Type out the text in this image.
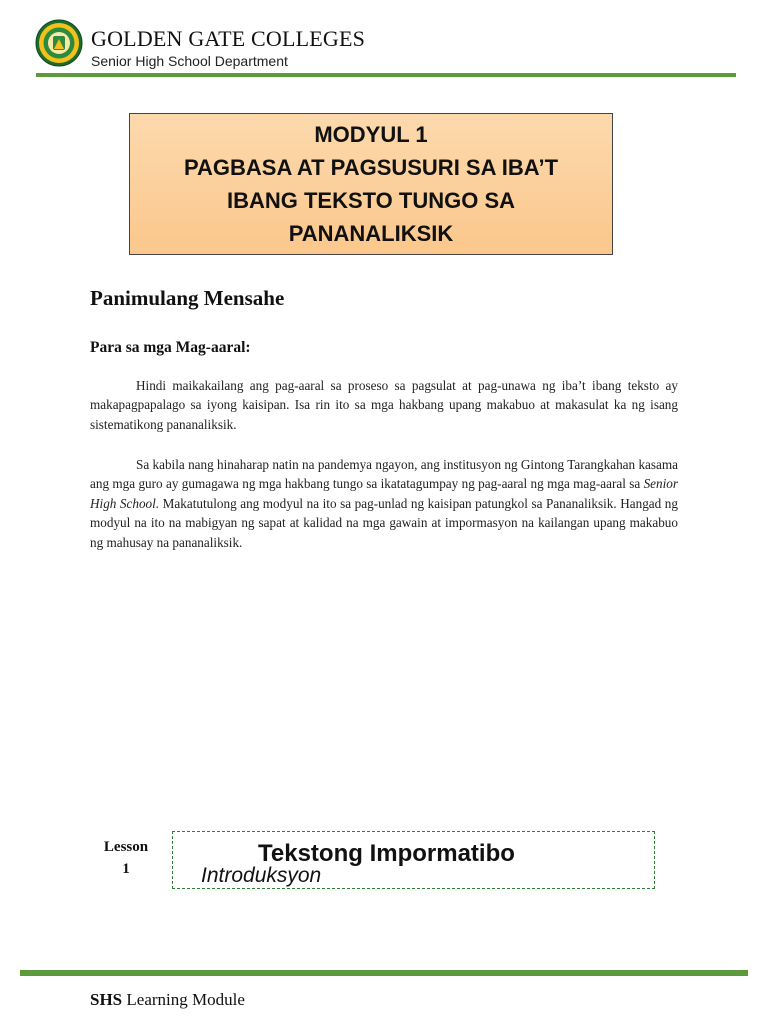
GOLDEN GATE COLLEGES
Senior High School Department
MODYUL 1
PAGBASA AT PAGSUSURI SA IBA’T
IBANG TEKSTO TUNGO SA
PANANALIKSIK
Panimulang Mensahe
Para sa mga Mag-aaral:

Hindi maikakailang ang pag-aaral sa proseso sa pagsulat at pag-unawa ng iba’t ibang teksto ay makapagpapalago sa iyong kaisipan. Isa rin ito sa mga hakbang upang makabuo at makasulat ka ng isang sistematikong pananaliksik.

Sa kabila nang hinaharap natin na pandemya ngayon, ang institusyon ng Gintong Tarangkahan kasama ang mga guro ay gumagawa ng mga hakbang tungo sa ikatatagumpay ng pag-aaral ng mga mag-aaral sa Senior High School. Makatutulong ang modyul na ito sa pag-unlad ng kaisipan patungkol sa Pananaliksik. Hangad ng modyul na ito na mabigyan ng sapat at kalidad na mga gawain at impormasyon na kailangan upang makabuo ng mahusay na pananaliksik.

Lesson
1
Tekstong Impormatibo
Introduksyon
SHS Learning Module
